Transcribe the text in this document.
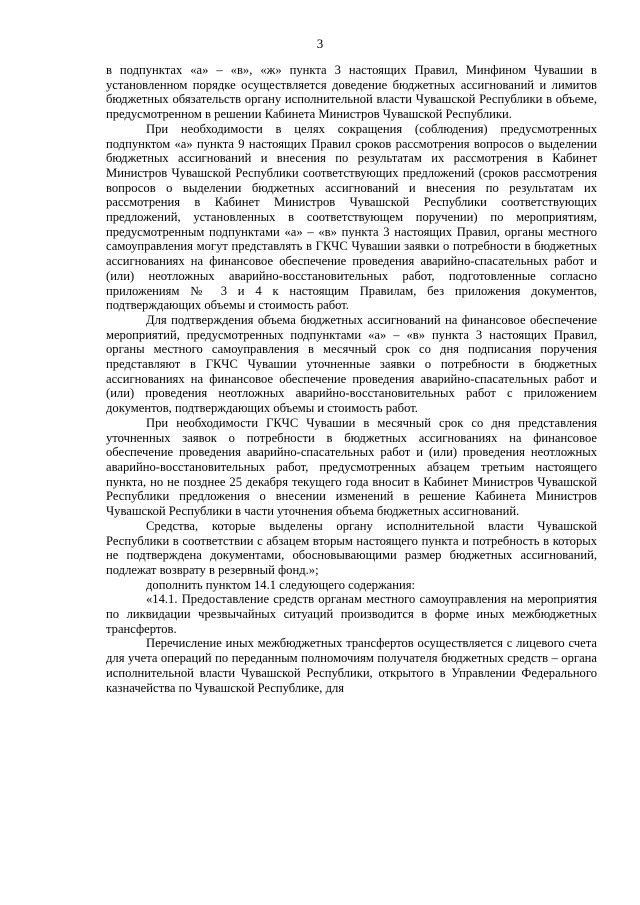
3

в подпунктах «а» – «в», «ж» пункта 3 настоящих Правил, Минфином Чувашии в установленном порядке осуществляется доведение бюджетных ассигнований и лимитов бюджетных обязательств органу исполнительной власти Чувашской Республики в объеме, предусмотренном в решении Кабинета Министров Чувашской Республики.

При необходимости в целях сокращения (соблюдения) предусмотренных подпунктом «а» пункта 9 настоящих Правил сроков рассмотрения вопросов о выделении бюджетных ассигнований и внесения по результатам их рассмотрения в Кабинет Министров Чувашской Республики соответствующих предложений (сроков рассмотрения вопросов о выделении бюджетных ассигнований и внесения по результатам их рассмотрения в Кабинет Министров Чувашской Республики соответствующих предложений, установленных в соответствующем поручении) по мероприятиям, предусмотренным подпунктами «а» – «в» пункта 3 настоящих Правил, органы местного самоуправления могут представлять в ГКЧС Чувашии заявки о потребности в бюджетных ассигнованиях на финансовое обеспечение проведения аварийно-спасательных работ и (или) неотложных аварийно-восстановительных работ, подготовленные согласно приложениям № 3 и 4 к настоящим Правилам, без приложения документов, подтверждающих объемы и стоимость работ.

Для подтверждения объема бюджетных ассигнований на финансовое обеспечение мероприятий, предусмотренных подпунктами «а» – «в» пункта 3 настоящих Правил, органы местного самоуправления в месячный срок со дня подписания поручения представляют в ГКЧС Чувашии уточненные заявки о потребности в бюджетных ассигнованиях на финансовое обеспечение проведения аварийно-спасательных работ и (или) проведения неотложных аварийно-восстановительных работ с приложением документов, подтверждающих объемы и стоимость работ.

При необходимости ГКЧС Чувашии в месячный срок со дня представления уточненных заявок о потребности в бюджетных ассигнованиях на финансовое обеспечение проведения аварийно-спасательных работ и (или) проведения неотложных аварийно-восстановительных работ, предусмотренных абзацем третьим настоящего пункта, но не позднее 25 декабря текущего года вносит в Кабинет Министров Чувашской Республики предложения о внесении изменений в решение Кабинета Министров Чувашской Республики в части уточнения объема бюджетных ассигнований.

Средства, которые выделены органу исполнительной власти Чувашской Республики в соответствии с абзацем вторым настоящего пункта и потребность в которых не подтверждена документами, обосновывающими размер бюджетных ассигнований, подлежат возврату в резервный фонд.»;

дополнить пунктом 14.1 следующего содержания:

«14.1. Предоставление средств органам местного самоуправления на мероприятия по ликвидации чрезвычайных ситуаций производится в форме иных межбюджетных трансфертов.

Перечисление иных межбюджетных трансфертов осуществляется с лицевого счета для учета операций по переданным полномочиям получателя бюджетных средств – органа исполнительной власти Чувашской Республики, открытого в Управлении Федерального казначейства по Чувашской Республике, для
